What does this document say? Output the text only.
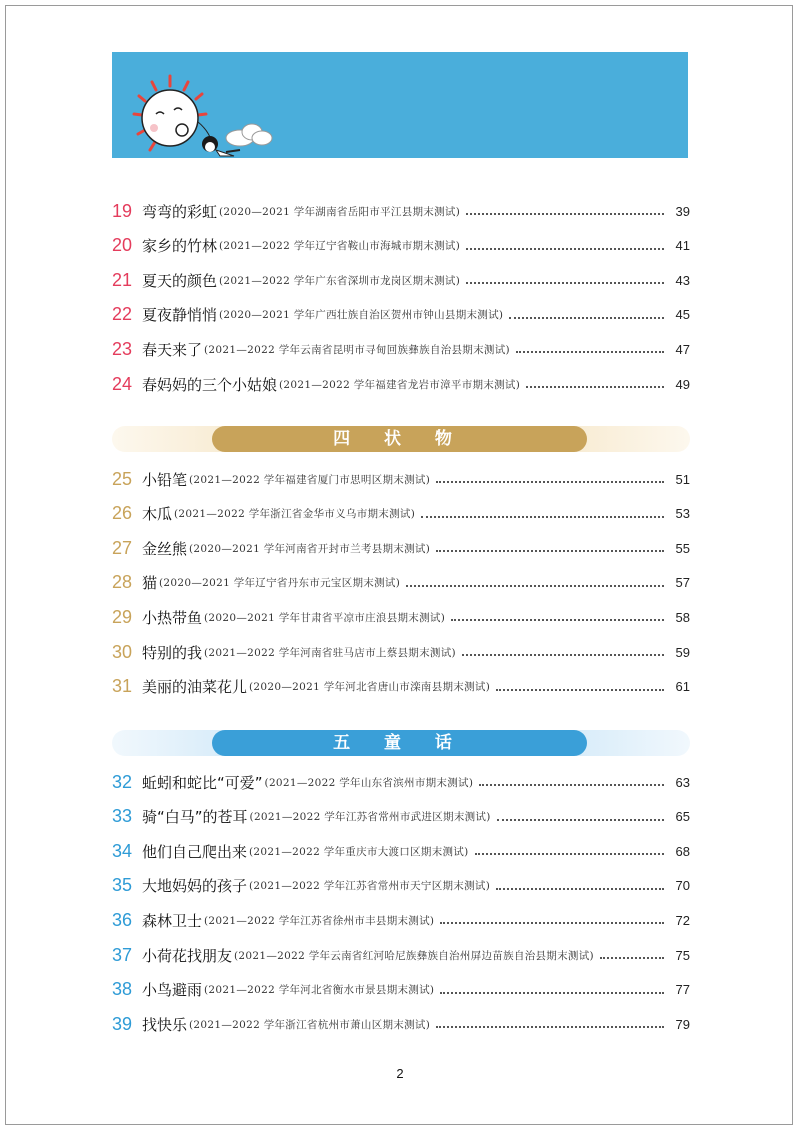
19 弯弯的彩虹 (2020—2021 学年湖南省岳阳市平江县期末测试)	39
20 家乡的竹林 (2021—2022 学年辽宁省鞍山市海城市期末测试)	41
21 夏天的颜色 (2021—2022 学年广东省深圳市龙岗区期末测试)	43
22 夏夜静悄悄 (2020—2021 学年广西壮族自治区贺州市钟山县期末测试)	45
23 春天来了 (2021—2022 学年云南省昆明市寻甸回族彝族自治县期末测试)	47
24 春妈妈的三个小姑娘 (2021—2022 学年福建省龙岩市漳平市期末测试)	49
四 状 物
25 小铅笔 (2021—2022 学年福建省厦门市思明区期末测试)	51
26 木瓜 (2021—2022 学年浙江省金华市义乌市期末测试)	53
27 金丝熊 (2020—2021 学年河南省开封市兰考县期末测试)	55
28 猫 (2020—2021 学年辽宁省丹东市元宝区期末测试)	57
29 小热带鱼 (2020—2021 学年甘肃省平凉市庄浪县期末测试)	58
30 特别的我 (2021—2022 学年河南省驻马店市上蔡县期末测试)	59
31 美丽的油菜花儿 (2020—2021 学年河北省唐山市滦南县期末测试)	61
五 童 话
32 蚯蚓和蛇比“可爱” (2021—2022 学年山东省滨州市期末测试)	63
33 骑“白马”的苍耳 (2021—2022 学年江苏省常州市武进区期末测试)	65
34 他们自己爬出来 (2021—2022 学年重庆市大渡口区期末测试)	68
35 大地妈妈的孩子 (2021—2022 学年江苏省常州市天宁区期末测试)	70
36 森林卫士 (2021—2022 学年江苏省徐州市丰县期末测试)	72
37 小荷花找朋友 (2021—2022 学年云南省红河哈尼族彝族自治州屏边苗族自治县期末测试)	75
38 小鸟避雨 (2021—2022 学年河北省衡水市景县期末测试)	77
39 找快乐 (2021—2022 学年浙江省杭州市萧山区期末测试)	79
2
